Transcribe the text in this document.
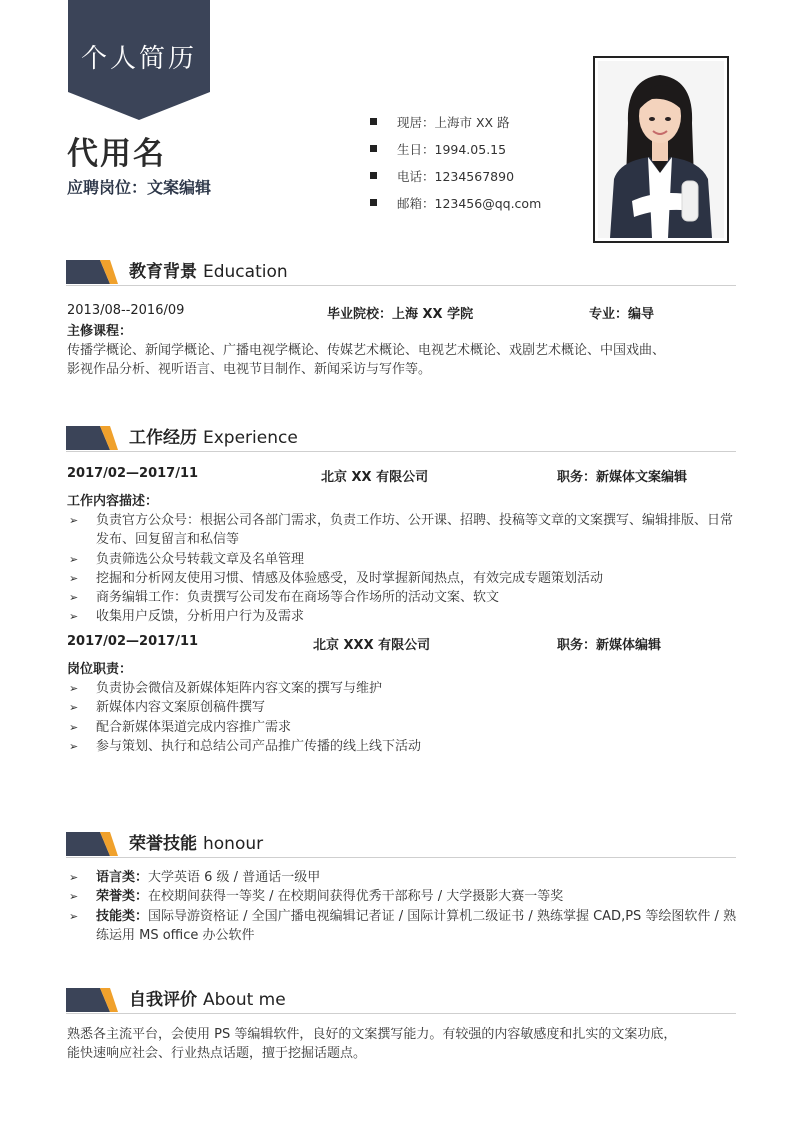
个人简历
代用名
应聘岗位：文案编辑
现居：上海市 XX 路
生日：1994.05.15
电话：1234567890
邮箱：123456@qq.com
教育背景 Education
2013/08--2016/09	毕业院校：上海 XX 学院	专业：编导
主修课程：
传播学概论、新闻学概论、广播电视学概论、传媒艺术概论、电视艺术概论、戏剧艺术概论、中国戏曲、
影视作品分析、视听语言、电视节目制作、新闻采访与写作等。
工作经历 Experience
2017/02—2017/11	北京 XX 有限公司	职务：新媒体文案编辑
工作内容描述：
➢ 负责官方公众号：根据公司各部门需求，负责工作坊、公开课、招聘、投稿等文章的文案撰写、编辑排版、日常发布、回复留言和私信等
➢ 负责筛选公众号转载文章及名单管理
➢ 挖掘和分析网友使用习惯、情感及体验感受，及时掌握新闻热点，有效完成专题策划活动
➢ 商务编辑工作：负责撰写公司发布在商场等合作场所的活动文案、软文
➢ 收集用户反馈，分析用户行为及需求
2017/02—2017/11	北京 XXX 有限公司	职务：新媒体编辑
岗位职责：
➢ 负责协会微信及新媒体矩阵内容文案的撰写与维护
➢ 新媒体内容文案原创稿件撰写
➢ 配合新媒体渠道完成内容推广需求
➢ 参与策划、执行和总结公司产品推广传播的线上线下活动
荣誉技能 honour
➢ 语言类：大学英语 6 级 / 普通话一级甲
➢ 荣誉类：在校期间获得一等奖 / 在校期间获得优秀干部称号 / 大学摄影大赛一等奖
➢ 技能类：国际导游资格证 / 全国广播电视编辑记者证 / 国际计算机二级证书 / 熟练掌握 CAD,PS 等绘图软件 / 熟练运用 MS office 办公软件
自我评价 About me
熟悉各主流平台，会使用 PS 等编辑软件，良好的文案撰写能力。有较强的内容敏感度和扎实的文案功底，
能快速响应社会、行业热点话题，擅于挖掘话题点。
